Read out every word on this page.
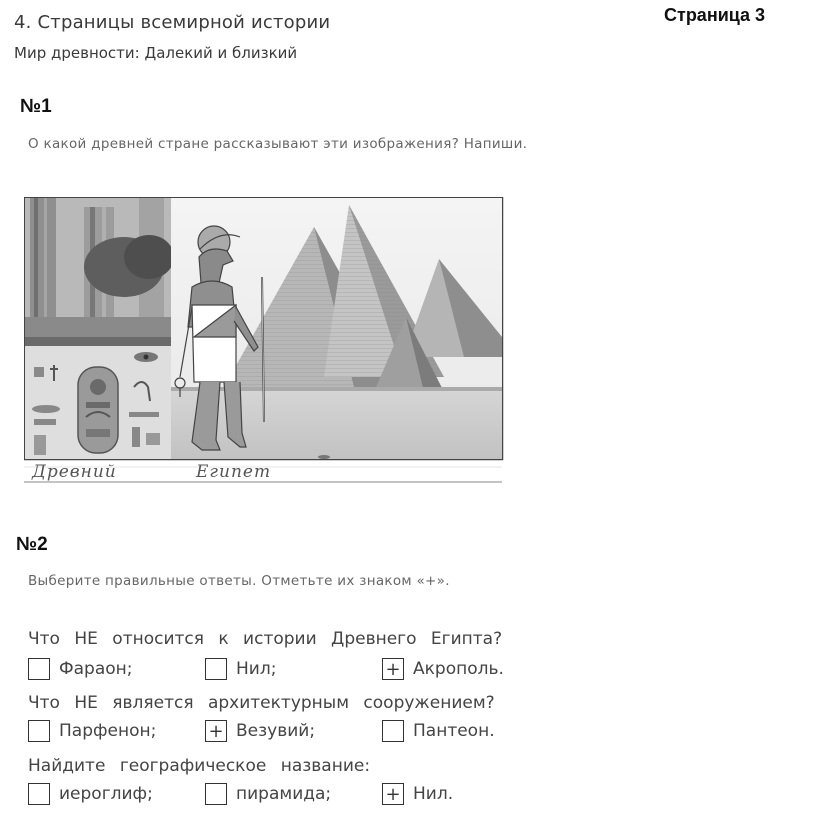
4. Страницы всемирной истории
Мир древности: Далекий и близкий
Страница 3
№1
О какой древней стране рассказывают эти изображения? Напиши.
Древний	Египет
№2
Выберите правильные ответы. Отметьте их знаком «+».
Что НЕ относится к истории Древнего Египта?
Фараон;	Нил;	+ Акрополь.
Что НЕ является архитектурным сооружением?
Парфенон;	+ Везувий;	Пантеон.
Найдите географическое название:
иероглиф;	пирамида;	+ Нил.
